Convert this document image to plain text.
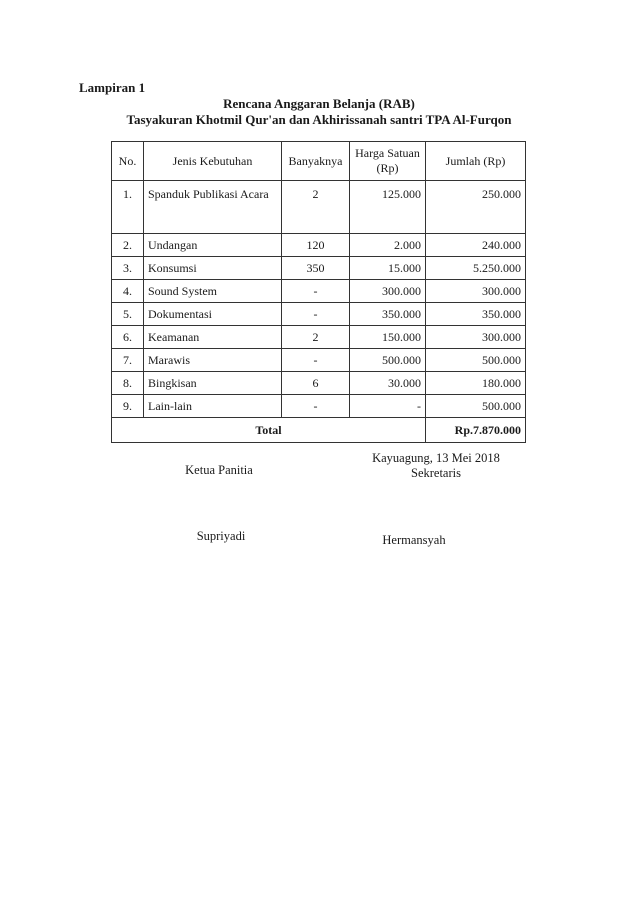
Lampiran 1
Rencana Anggaran Belanja (RAB)
Tasyakuran Khotmil Qur'an dan Akhirissanah santri TPA Al-Furqon
No.	Jenis Kebutuhan	Banyaknya	Harga Satuan (Rp)	Jumlah (Rp)
1.	Spanduk Publikasi Acara	2	125.000	250.000
2.	Undangan	120	2.000	240.000
3.	Konsumsi	350	15.000	5.250.000
4.	Sound System	-	300.000	300.000
5.	Dokumentasi	-	350.000	350.000
6.	Keamanan	2	150.000	300.000
7.	Marawis	-	500.000	500.000
8.	Bingkisan	6	30.000	180.000
9.	Lain-lain	-	-	500.000
Total				Rp.7.870.000
Kayuagung, 13 Mei 2018
Sekretaris
Ketua Panitia
Supriyadi	Hermansyah
